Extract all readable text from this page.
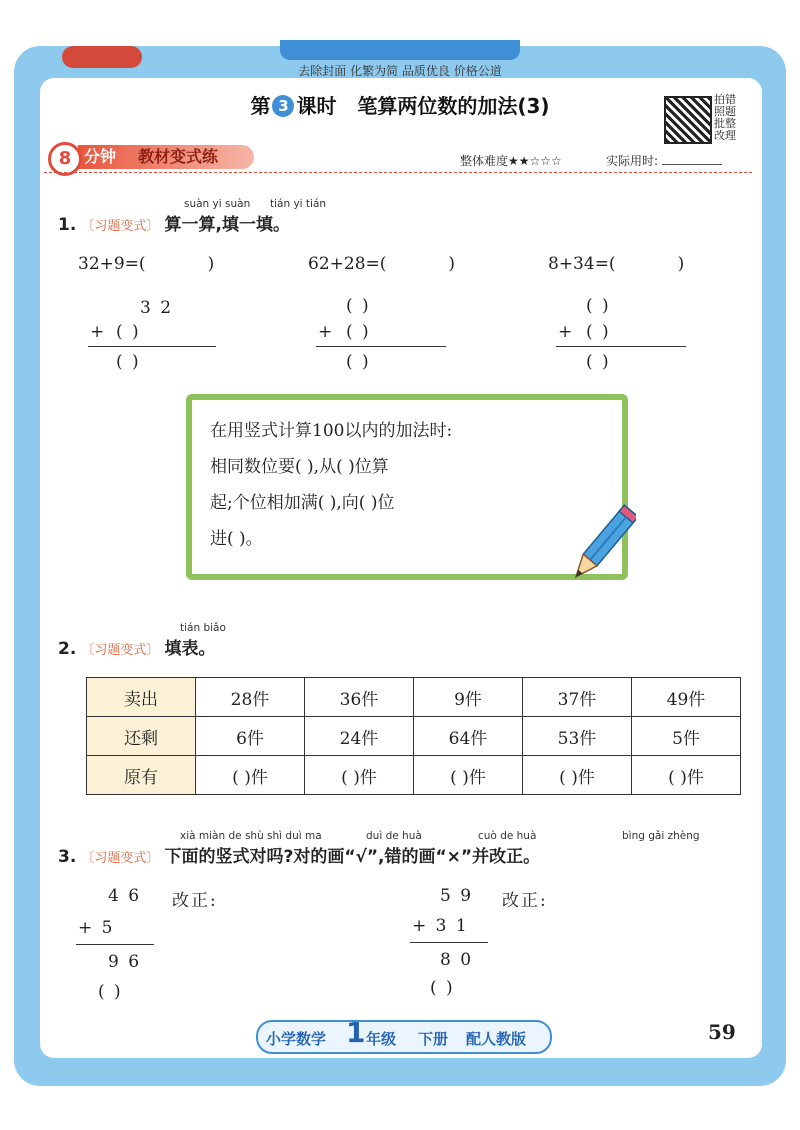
去除封面 化繁为简 品质优良 价格公道
第 3 课时 笔算两位数的加法(3)	拍错
照题
批整
改理
8 分钟 教材变式练	整体难度★★☆☆☆	实际用时:
suàn yi suàn tián yi tián
1. 〔习题变式〕 算一算,填一填。
32+9=(	)	62+28=(	)	8+34=(	)
3 2
+ ( )
( )
( )
+ ( )
( )
( )
+ ( )
( )
在用竖式计算100以内的加法时:
相同数位要( ),从( )位算
起;个位相加满( ),向( )位
进( )。
tián biǎo
2. 〔习题变式〕 填表。
卖出	28件	36件	9件	37件	49件
还剩	6件	24件	64件	53件	5件
原有	( )件	( )件	( )件	( )件	( )件
xià miàn de shù shì duì ma	duì de huà	cuò de huà	bìng gǎi zhèng
3. 〔习题变式〕 下面的竖式对吗?对的画“√”,错的画“×”并改正。
4 6 改正:
+ 5
9 6
( )
5 9 改正:
+ 3 1
8 0
( )
小学数学 1 年级 下册 配人教版	59
